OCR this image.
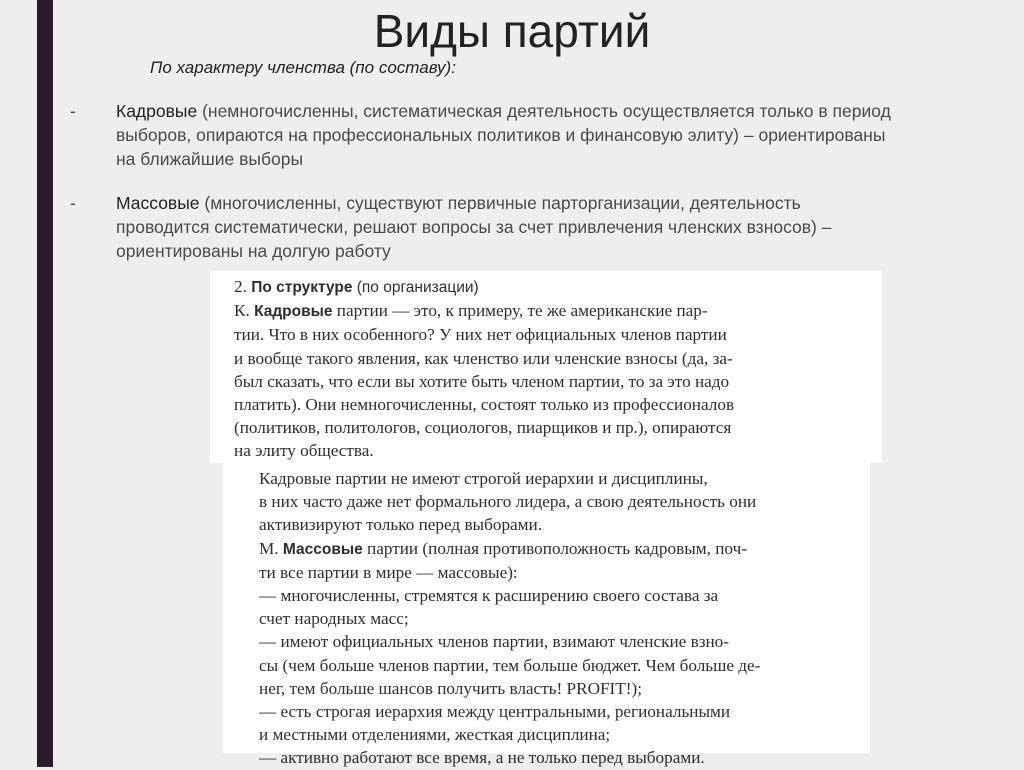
Виды партий
По характеру членства (по составу):
- Кадровые (немногочисленны, систематическая деятельность осуществляется только в период
выборов, опираются на профессиональных политиков и финансовую элиту) – ориентированы
на ближайшие выборы
- Массовые (многочисленны, существуют первичные парторганизации, деятельность
проводится систематически, решают вопросы за счет привлечения членских взносов) –
ориентированы на долгую работу

2. По структуре (по организации)

К. Кадровые партии — это, к примеру, те же американские пар-

тии. Что в них особенного? У них нет официальных членов партии

и вообще такого явления, как членство или членские взносы (да, за-

был сказать, что если вы хотите быть членом партии, то за это надо

платить). Они немногочисленны, состоят только из профессионалов

(политиков, политологов, социологов, пиарщиков и пр.), опираются

на элиту общества.

Кадровые партии не имеют строгой иерархии и дисциплины,

в них часто даже нет формального лидера, а свою деятельность они

активизируют только перед выборами.

М. Массовые партии (полная противоположность кадровым, поч-

ти все партии в мире — массовые):

— многочисленны, стремятся к расширению своего состава за

счет народных масс;

— имеют официальных членов партии, взимают членские взно-

сы (чем больше членов партии, тем больше бюджет. Чем больше де-

нег, тем больше шансов получить власть! PROFIT!);

— есть строгая иерархия между центральными, региональными

и местными отделениями, жесткая дисциплина;

— активно работают все время, а не только перед выборами.
